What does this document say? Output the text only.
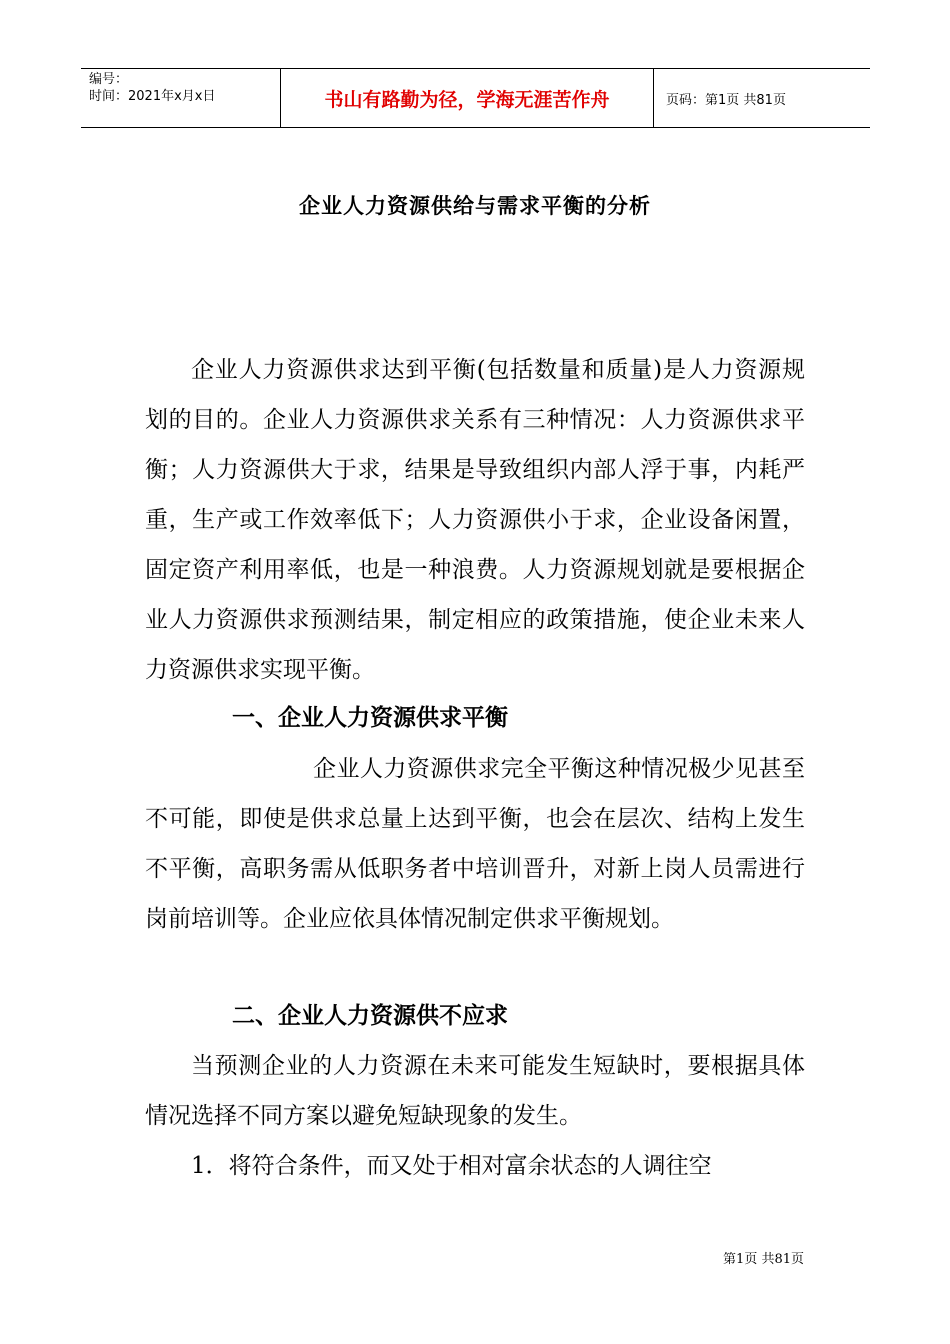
编号：
时间：2021年x月x日	书山有路勤为径，学海无涯苦作舟	页码：第1页 共81页
企业人力资源供给与需求平衡的分析

企业人力资源供求达到平衡(包括数量和质量)是人力资源规划的目的。企业人力资源供求关系有三种情况：人力资源供求平衡；人力资源供大于求，结果是导致组织内部人浮于事，内耗严重，生产或工作效率低下；人力资源供小于求，企业设备闲置，固定资产利用率低，也是一种浪费。人力资源规划就是要根据企业人力资源供求预测结果，制定相应的政策措施，使企业未来人力资源供求实现平衡。

一、企业人力资源供求平衡

企业人力资源供求完全平衡这种情况极少见甚至不可能，即使是供求总量上达到平衡，也会在层次、结构上发生不平衡，高职务需从低职务者中培训晋升，对新上岗人员需进行岗前培训等。企业应依具体情况制定供求平衡规划。

二、企业人力资源供不应求

当预测企业的人力资源在未来可能发生短缺时，要根据具体情况选择不同方案以避免短缺现象的发生。

1．将符合条件，而又处于相对富余状态的人调往空

第1页 共81页
